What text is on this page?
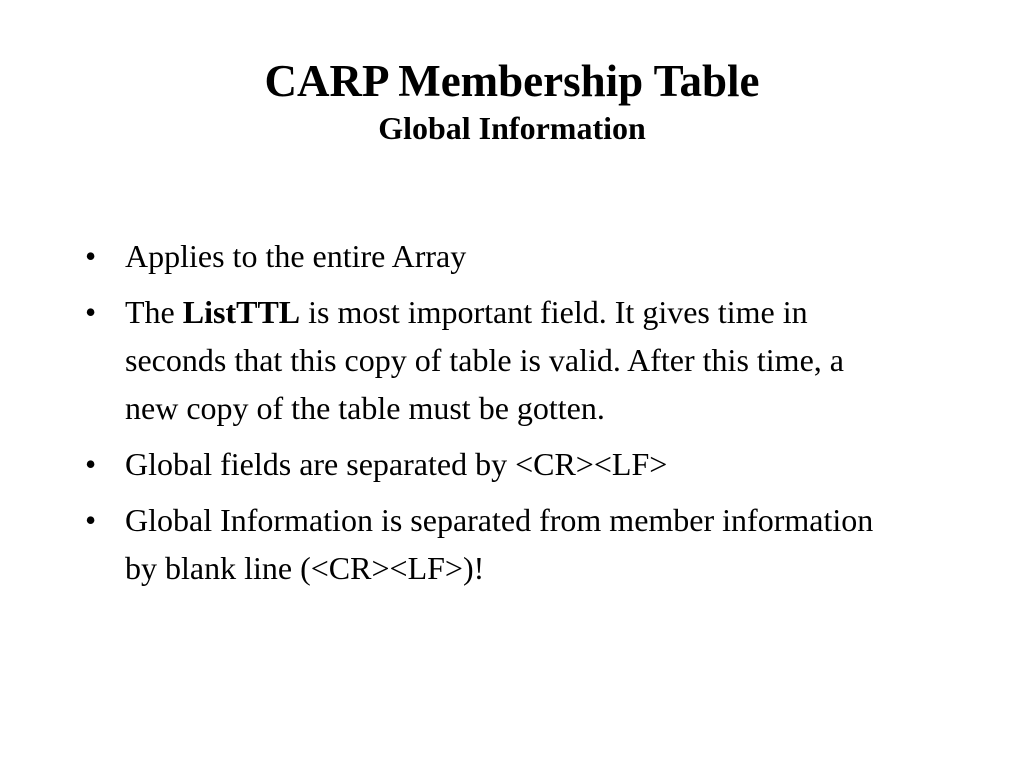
CARP Membership Table
Global Information
• Applies to the entire Array
• The ListTTL is most important field. It gives time in seconds that this copy of table is valid. After this time, a new copy of the table must be gotten.
• Global fields are separated by <CR><LF>
• Global Information is separated from member information by blank line (<CR><LF>)!
